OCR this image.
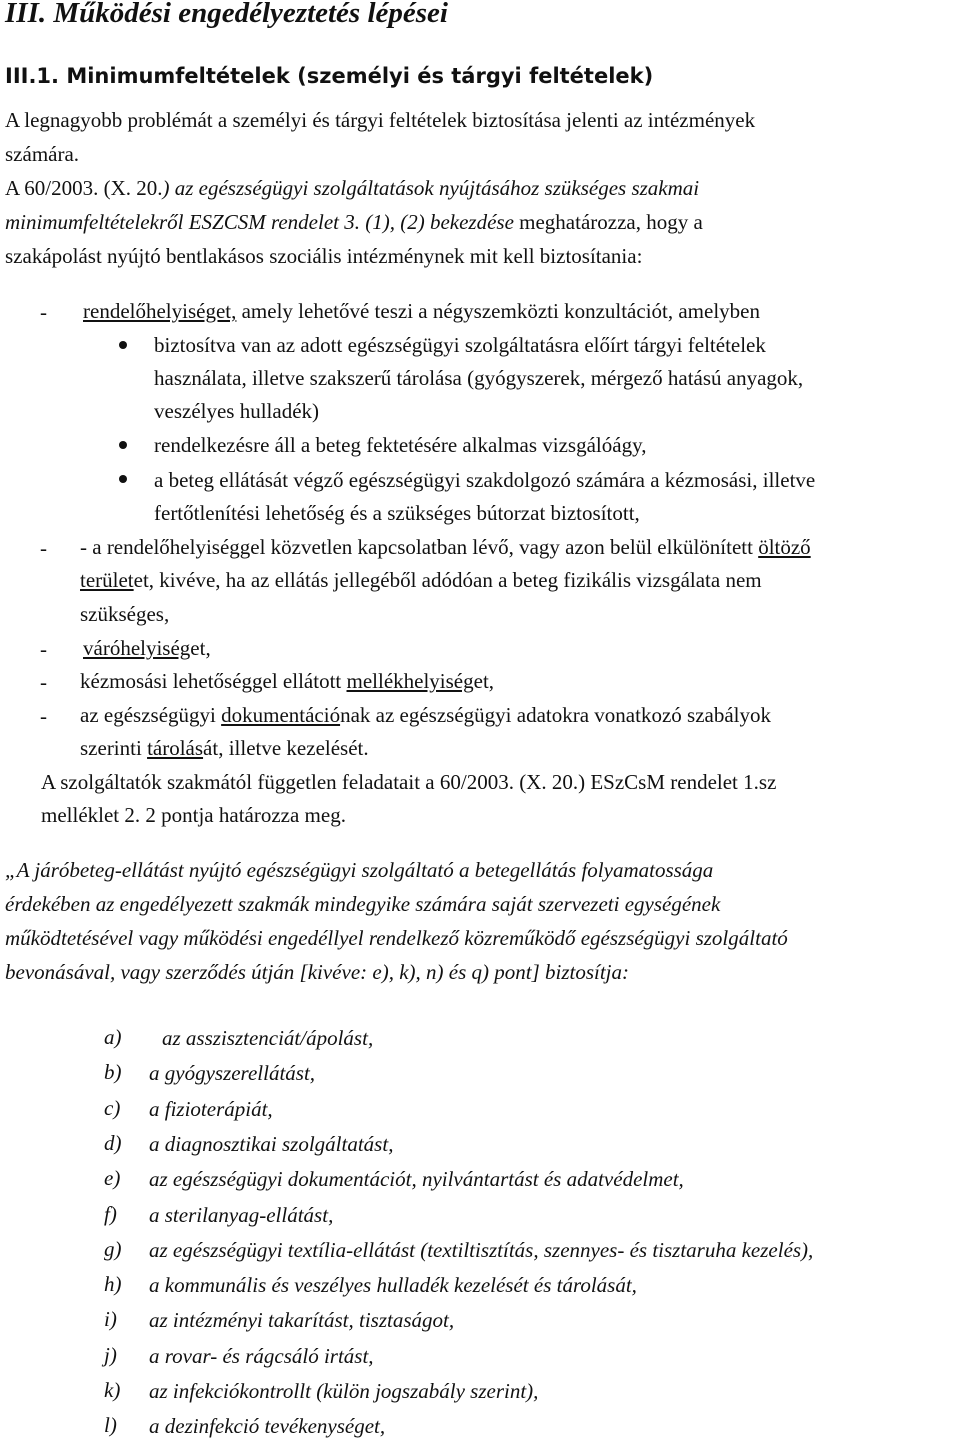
III. Működési engedélyeztetés lépései
III.1. Minimumfeltételek (személyi és tárgyi feltételek)
A legnagyobb problémát a személyi és tárgyi feltételek biztosítása jelenti az intézmények
számára.
A 60/2003. (X. 20.) az egészségügyi szolgáltatások nyújtásához szükséges szakmai
minimumfeltételekről ESZCSM rendelet 3. (1), (2) bekezdése meghatározza, hogy a
szakápolást nyújtó bentlakásos szociális intézménynek mit kell biztosítania:
- rendelőhelyiséget, amely lehetővé teszi a négyszemközti konzultációt, amelyben
biztosítva van az adott egészségügyi szolgáltatásra előírt tárgyi feltételek
használata, illetve szakszerű tárolása (gyógyszerek, mérgező hatású anyagok,
veszélyes hulladék)
rendelkezésre áll a beteg fektetésére alkalmas vizsgálóágy,
a beteg ellátását végző egészségügyi szakdolgozó számára a kézmosási, illetve
fertőtlenítési lehetőség és a szükséges bútorzat biztosított,
- - a rendelőhelyiséggel közvetlen kapcsolatban lévő, vagy azon belül elkülönített öltöző
területet, kivéve, ha az ellátás jellegéből adódóan a beteg fizikális vizsgálata nem
szükséges,
- váróhelyiséget,
- kézmosási lehetőséggel ellátott mellékhelyiséget,
- az egészségügyi dokumentációnak az egészségügyi adatokra vonatkozó szabályok
szerinti tárolását, illetve kezelését.
A szolgáltatók szakmától független feladatait a 60/2003. (X. 20.) ESzCsM rendelet 1.sz
melléklet 2. 2 pontja határozza meg.
„A járóbeteg-ellátást nyújtó egészségügyi szolgáltató a betegellátás folyamatossága
érdekében az engedélyezett szakmák mindegyike számára saját szervezeti egységének
működtetésével vagy működési engedéllyel rendelkező közreműködő egészségügyi szolgáltató
bevonásával, vagy szerződés útján [kivéve: e), k), n) és q) pont] biztosítja:
a) az asszisztenciát/ápolást,
b) a gyógyszerellátást,
c) a fizioterápiát,
d) a diagnosztikai szolgáltatást,
e) az egészségügyi dokumentációt, nyilvántartást és adatvédelmet,
f) a sterilanyag-ellátást,
g) az egészségügyi textília-ellátást (textiltisztítás, szennyes- és tisztaruha kezelés),
h) a kommunális és veszélyes hulladék kezelését és tárolását,
i) az intézményi takarítást, tisztaságot,
j) a rovar- és rágcsáló irtást,
k) az infekciókontrollt (külön jogszabály szerint),
l) a dezinfekció tevékenységet,
